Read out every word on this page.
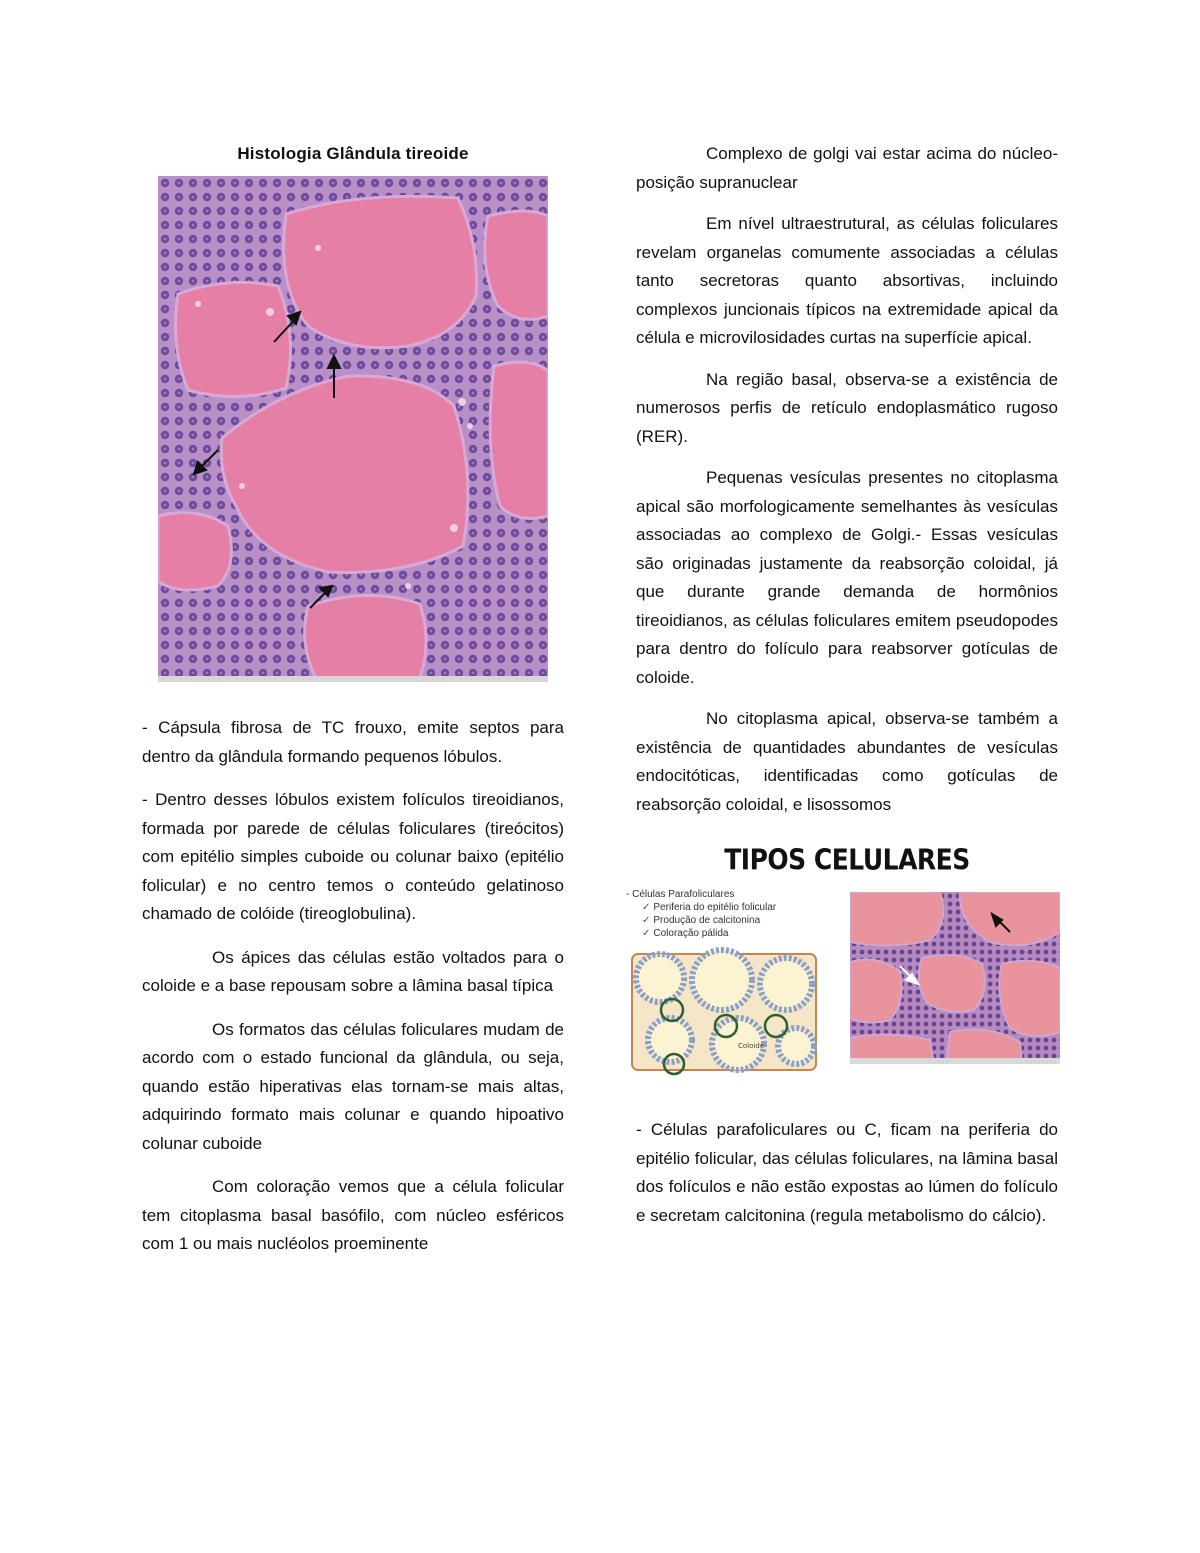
Histologia Glândula tireoide

- Cápsula fibrosa de TC frouxo, emite septos para dentro da glândula formando pequenos lóbulos.

- Dentro desses lóbulos existem folículos tireoidianos, formada por parede de células foliculares (tireócitos) com epitélio simples cuboide ou colunar baixo (epitélio folicular) e no centro temos o conteúdo gelatinoso chamado de colóide (tireoglobulina).

Os ápices das células estão voltados para o coloide e a base repousam sobre a lâmina basal típica

Os formatos das células foliculares mudam de acordo com o estado funcional da glândula, ou seja, quando estão hiperativas elas tornam-se mais altas, adquirindo formato mais colunar e quando hipoativo colunar cuboide

Com coloração vemos que a célula folicular tem citoplasma basal basófilo, com núcleo esféricos com 1 ou mais nucléolos proeminente

Complexo de golgi vai estar acima do núcleo- posição supranuclear

Em nível ultraestrutural, as células foliculares revelam organelas comumente associadas a células tanto secretoras quanto absortivas, incluindo complexos juncionais típicos na extremidade apical da célula e microvilosidades curtas na superfície apical.

Na região basal, observa-se a existência de numerosos perfis de retículo endoplasmático rugoso (RER).

Pequenas vesículas presentes no citoplasma apical são morfologicamente semelhantes às vesículas associadas ao complexo de Golgi.- Essas vesículas são originadas justamente da reabsorção coloidal, já que durante grande demanda de hormônios tireoidianos, as células foliculares emitem pseudopodes para dentro do folículo para reabsorver gotículas de coloide.

No citoplasma apical, observa-se também a existência de quantidades abundantes de vesículas endocitóticas, identificadas como gotículas de reabsorção coloidal, e lisossomos

TIPOS CELULARES
- Células Parafoliculares
✓ Periferia do epitélio folicular
✓ Produção de calcitonina
✓ Coloração pálida
Coloide

- Células parafoliculares ou C, ficam na periferia do epitélio folicular, das células foliculares, na lâmina basal dos folículos e não estão expostas ao lúmen do folículo e secretam calcitonina (regula metabolismo do cálcio).
